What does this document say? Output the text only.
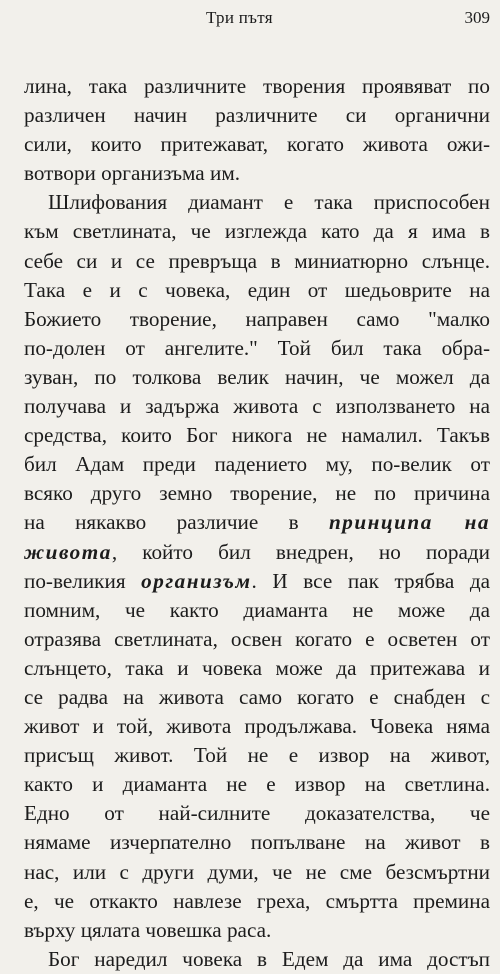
Три пътя	309
лина, така различните творения проявяват по
различен начин различните си органични
сили, които притежават, когато живота ожи-
вотвори организъма им.
Шлифования диамант е така приспособен
към светлината, че изглежда като да я има в
себе си и се превръща в миниатюрно слънце.
Така е и с човека, един от шедьоврите на
Божието творение, направен само "малко
по-долен от ангелите." Той бил така обра-
зуван, по толкова велик начин, че можел да
получава и задържа живота с използването на
средства, които Бог никога не намалил. Такъв
бил Адам преди падението му, по-велик от
всяко друго земно творение, не по причина
на някакво различие в принципа на
живота, който бил внедрен, но поради
по-великия организъм. И все пак трябва да
помним, че както диаманта не може да
отразява светлината, освен когато е осветен от
слънцето, така и човека може да притежава и
се радва на живота само когато е снабден с
живот и той, живота продължава. Човека няма
присъщ живот. Той не е извор на живот,
както и диаманта не е извор на светлина.
Едно от най-силните доказателства, че
нямаме изчерпателно попълване на живот в
нас, или с други думи, че не сме безсмъртни
е, че откакто навлезе греха, смъртта премина
върху цялата човешка раса.
Бог наредил човека в Едем да има достъп
